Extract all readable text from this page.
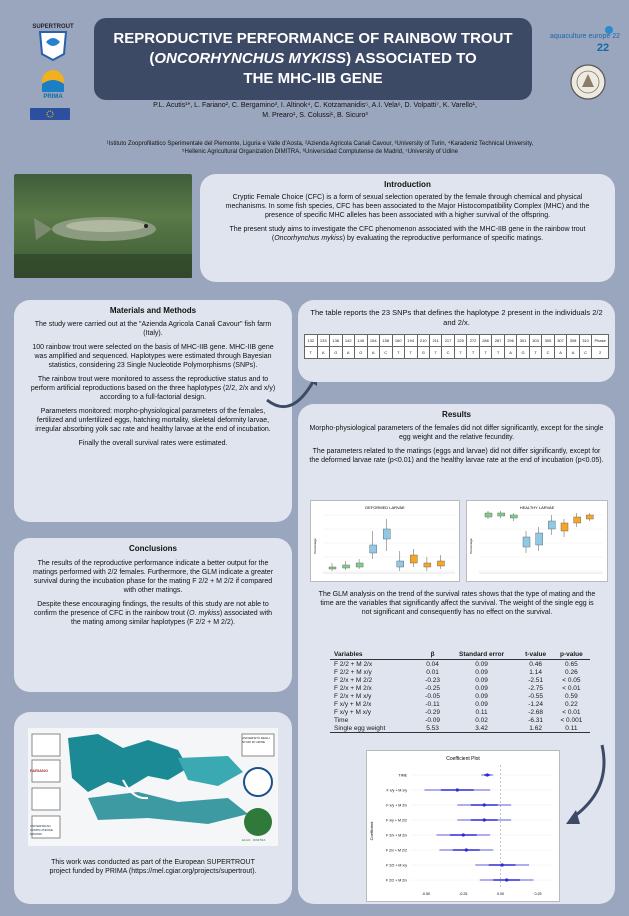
SUPERTROUT
PRIMA
REPRODUCTIVE PERFORMANCE OF RAINBOW TROUT
(ONCORHYNCHUS MYKISS) ASSOCIATED TO
THE MHC-IIB GENE
aquaculture europe 22
22
P.L. Acutis¹*, L. Fariano², C. Bergamino³, I. Altinok⁴, C. Kotzamanidis⁵, A.I. Vela⁶, D. Volpatti⁷, K. Varello¹,
M. Prearo¹, S. Colussi¹, B. Sicuro³
¹Istituto Zooprofilattico Sperimentale del Piemonte, Liguria e Valle d'Aosta, ²Azienda Agricola Canali Cavour, ³University of Turin, ⁴Karadeniz Technical University,
⁵Hellenic Agricultural Organization DIMITRA, ⁶Universidad Complutense de Madrid, ⁷University of Udine
Introduction

Cryptic Female Choice (CFC) is a form of sexual selection operated by the female through chemical and physical mechanisms. In some fish species, CFC has been associated to the Major Histocompatibility Complex (MHC) and the presence of specific MHC alleles has been associated with a higher survival of the offspring.

The present study aims to investigate the CFC phenomenon associated with the MHC-IIB gene in the rainbow trout (Oncorhynchus mykiss) by evaluating the reproductive performance of specific matings.

Materials and Methods

The study were carried out at the "Azienda Agricola Canali Cavour" fish farm (Italy).

100 rainbow trout were selected on the basis of MHC-IIB gene. MHC-IIB gene was amplified and sequenced. Haplotypes were estimated through Bayesian statistics, considering 23 Single Nucleotide Polymorphisms (SNPs).

The rainbow trout were monitored to assess the reproductive status and to perform artificial reproductions based on the three haplotypes (2/2, 2/x and x/y) according to a full-factorial design.

Parameters monitored: morpho-physiological parameters of the females, fertilized and unfertilized eggs, hatching mortality, skeletal deformity larvae, irregular absorbing yolk sac rate and healthy larvae at the end of incubation.

Finally the overall survival rates were estimated.

The table reports the 23 SNPs that defines the haplotype 2 present in the individuals 2/2 and 2/x.
132	133	136	142	145	154	158	160	194	210	211	217	225	272	286	287	296	301	303	305	307	308	310	Phase
T	A	G	A	G	A	C	T	T	G	T	C	T	T	T	T	A	G	T	C	A	A	C	2
Results

Morpho-physiological parameters of the females did not differ significantly, except for the single egg weight and the relative fecundity.

The parameters related to the matings (eggs and larvae) did not differ significantly, except for the deformed larvae rate (p<0.01) and the healthy larvae rate at the end of incubation (p<0.05).

DEFORMED LARVAE
Percentage
HEALTHY LARVAE
Percentage
The GLM analysis on the trend of the survival rates shows that the type of mating and the time are the variables that significantly affect the survival. The weight of the single egg is not significant and consequently has no effect on the survival.
Variables	β	Standard error	t-value	p-value
F 2/2 + M 2/x	0.04	0.09	0.46	0.65
F 2/2 + M x/y	0.01	0.09	1.14	0.26
F 2/x + M 2/2	-0.23	0.09	-2.51	< 0.05
F 2/x + M 2/x	-0.25	0.09	-2.75	< 0.01
F 2/x + M x/y	-0.05	0.09	-0.55	0.59
F x/y + M 2/x	-0.11	0.09	-1.24	0.22
F x/y + M x/y	-0.29	0.11	-2.68	< 0.01
Time	-0.09	0.02	-6.31	< 0.001
Single egg weight	5.53	3.42	1.62	0.11
Coefficient Plot
Coefficient
TIME
F x/y + M x/y
F x/y + M 2/x
F x/y + M 2/2
F 2/x + M 2/x
F 2/x + M 2/2
F 2/2 + M x/y
F 2/2 + M 2/x
-0.50	-0.25	0.00	0.25
Conclusions

The results of the reproductive performance indicate a better output for the matings performed with 2/2 females. Furthermore, the GLM indicate a greater survival during the incubation phase for the mating F 2/2 + M 2/2 if compared with other matings.

Despite these encouraging findings, the results of this study are not able to confirm the presence of CFC in the rainbow trout (O. mykiss) associated with the mating among similar haplotypes (F 2/2 + M 2/2).

FARIANO
UNIVERSIDAD COMPLUTENSE MADRID
UNIVERSITÀ DEGLI STUDI DI UDINE
ELGO · DIMITRA
This work was conducted as part of the European SUPERTROUT project funded by PRIMA (https://mel.cgiar.org/projects/supertrout).
